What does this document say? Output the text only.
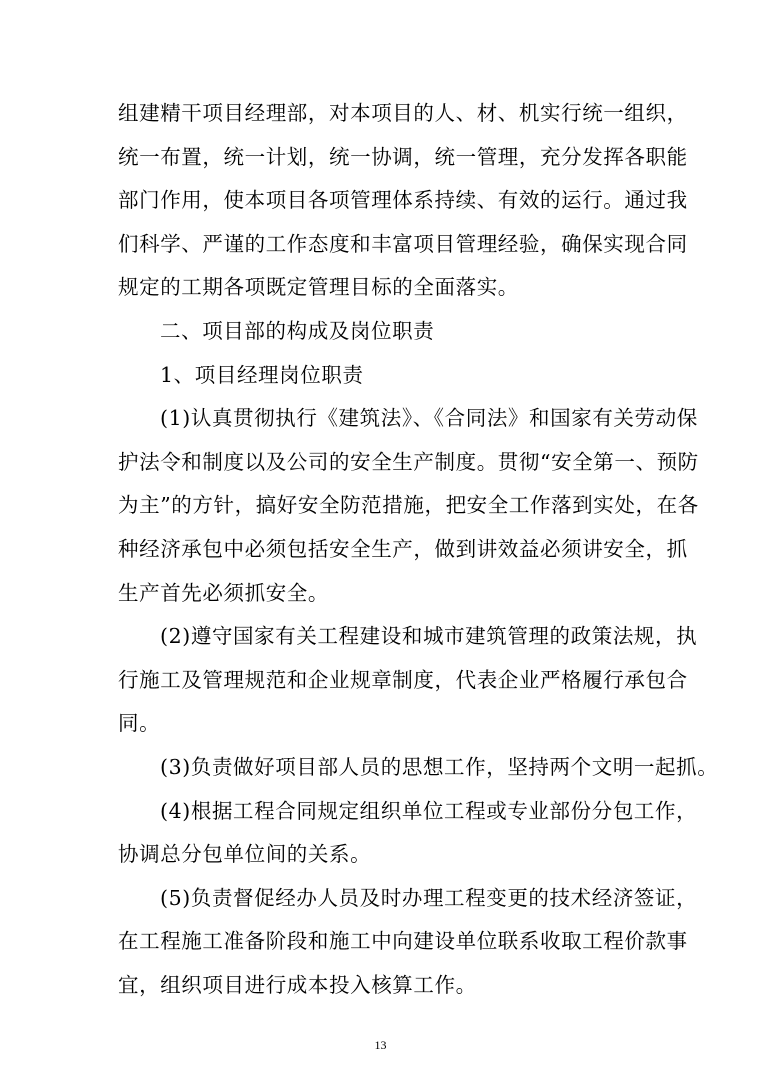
组建精干项目经理部，对本项目的人、材、机实行统一组织，
统一布置，统一计划，统一协调，统一管理，充分发挥各职能
部门作用，使本项目各项管理体系持续、有效的运行。通过我
们科学、严谨的工作态度和丰富项目管理经验，确保实现合同
规定的工期各项既定管理目标的全面落实。

二、项目部的构成及岗位职责

1、项目经理岗位职责

(1)认真贯彻执行《建筑法》、《合同法》和国家有关劳动保
护法令和制度以及公司的安全生产制度。贯彻“安全第一、预防
为主”的方针，搞好安全防范措施，把安全工作落到实处，在各
种经济承包中必须包括安全生产，做到讲效益必须讲安全，抓
生产首先必须抓安全。

(2)遵守国家有关工程建设和城市建筑管理的政策法规，执
行施工及管理规范和企业规章制度，代表企业严格履行承包合
同。

(3)负责做好项目部人员的思想工作，坚持两个文明一起抓。

(4)根据工程合同规定组织单位工程或专业部份分包工作，
协调总分包单位间的关系。

(5)负责督促经办人员及时办理工程变更的技术经济签证，
在工程施工准备阶段和施工中向建设单位联系收取工程价款事
宜，组织项目进行成本投入核算工作。

13
